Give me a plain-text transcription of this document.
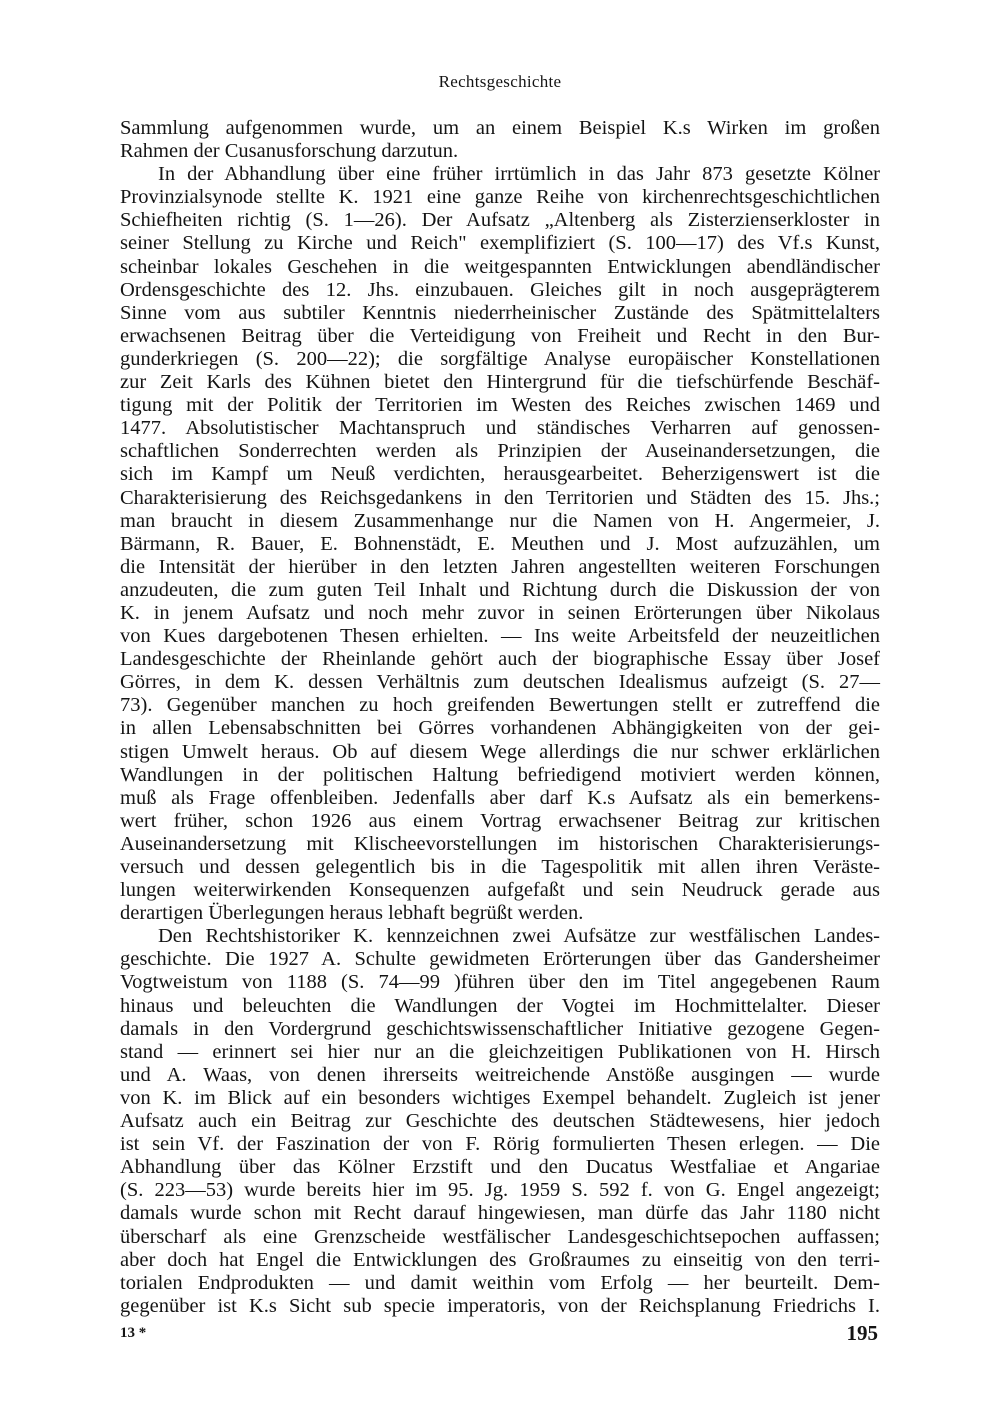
Rechtsgeschichte
Sammlung aufgenommen wurde, um an einem Beispiel K.s Wirken im großen
Rahmen der Cusanusforschung darzutun.
In der Abhandlung über eine früher irrtümlich in das Jahr 873 gesetzte Kölner
Provinzialsynode stellte K. 1921 eine ganze Reihe von kirchenrechtsgeschichtlichen
Schiefheiten richtig (S. 1—26). Der Aufsatz „Altenberg als Zisterzienserkloster in
seiner Stellung zu Kirche und Reich" exemplifiziert (S. 100—17) des Vf.s Kunst,
scheinbar lokales Geschehen in die weitgespannten Entwicklungen abendländischer
Ordensgeschichte des 12. Jhs. einzubauen. Gleiches gilt in noch ausgeprägterem
Sinne vom aus subtiler Kenntnis niederrheinischer Zustände des Spätmittelalters
erwachsenen Beitrag über die Verteidigung von Freiheit und Recht in den Bur-
gunderkriegen (S. 200—22); die sorgfältige Analyse europäischer Konstellationen
zur Zeit Karls des Kühnen bietet den Hintergrund für die tiefschürfende Beschäf-
tigung mit der Politik der Territorien im Westen des Reiches zwischen 1469 und
1477. Absolutistischer Machtanspruch und ständisches Verharren auf genossen-
schaftlichen Sonderrechten werden als Prinzipien der Auseinandersetzungen, die
sich im Kampf um Neuß verdichten, herausgearbeitet. Beherzigenswert ist die
Charakterisierung des Reichsgedankens in den Territorien und Städten des 15. Jhs.;
man braucht in diesem Zusammenhange nur die Namen von H. Angermeier, J.
Bärmann, R. Bauer, E. Bohnenstädt, E. Meuthen und J. Most aufzuzählen, um
die Intensität der hierüber in den letzten Jahren angestellten weiteren Forschungen
anzudeuten, die zum guten Teil Inhalt und Richtung durch die Diskussion der von
K. in jenem Aufsatz und noch mehr zuvor in seinen Erörterungen über Nikolaus
von Kues dargebotenen Thesen erhielten. — Ins weite Arbeitsfeld der neuzeitlichen
Landesgeschichte der Rheinlande gehört auch der biographische Essay über Josef
Görres, in dem K. dessen Verhältnis zum deutschen Idealismus aufzeigt (S. 27—
73). Gegenüber manchen zu hoch greifenden Bewertungen stellt er zutreffend die
in allen Lebensabschnitten bei Görres vorhandenen Abhängigkeiten von der gei-
stigen Umwelt heraus. Ob auf diesem Wege allerdings die nur schwer erklärlichen
Wandlungen in der politischen Haltung befriedigend motiviert werden können,
muß als Frage offenbleiben. Jedenfalls aber darf K.s Aufsatz als ein bemerkens-
wert früher, schon 1926 aus einem Vortrag erwachsener Beitrag zur kritischen
Auseinandersetzung mit Klischeevorstellungen im historischen Charakterisierungs-
versuch und dessen gelegentlich bis in die Tagespolitik mit allen ihren Veräste-
lungen weiterwirkenden Konsequenzen aufgefaßt und sein Neudruck gerade aus
derartigen Überlegungen heraus lebhaft begrüßt werden.
Den Rechtshistoriker K. kennzeichnen zwei Aufsätze zur westfälischen Landes-
geschichte. Die 1927 A. Schulte gewidmeten Erörterungen über das Gandersheimer
Vogtweistum von 1188 (S. 74—99 )führen über den im Titel angegebenen Raum
hinaus und beleuchten die Wandlungen der Vogtei im Hochmittelalter. Dieser
damals in den Vordergrund geschichtswissenschaftlicher Initiative gezogene Gegen-
stand — erinnert sei hier nur an die gleichzeitigen Publikationen von H. Hirsch
und A. Waas, von denen ihrerseits weitreichende Anstöße ausgingen — wurde
von K. im Blick auf ein besonders wichtiges Exempel behandelt. Zugleich ist jener
Aufsatz auch ein Beitrag zur Geschichte des deutschen Städtewesens, hier jedoch
ist sein Vf. der Faszination der von F. Rörig formulierten Thesen erlegen. — Die
Abhandlung über das Kölner Erzstift und den Ducatus Westfaliae et Angariae
(S. 223—53) wurde bereits hier im 95. Jg. 1959 S. 592 f. von G. Engel angezeigt;
damals wurde schon mit Recht darauf hingewiesen, man dürfe das Jahr 1180 nicht
überscharf als eine Grenzscheide westfälischer Landesgeschichtsepochen auffassen;
aber doch hat Engel die Entwicklungen des Großraumes zu einseitig von den terri-
torialen Endprodukten — und damit weithin vom Erfolg — her beurteilt. Dem-
gegenüber ist K.s Sicht sub specie imperatoris, von der Reichsplanung Friedrichs I.
13 *	195
